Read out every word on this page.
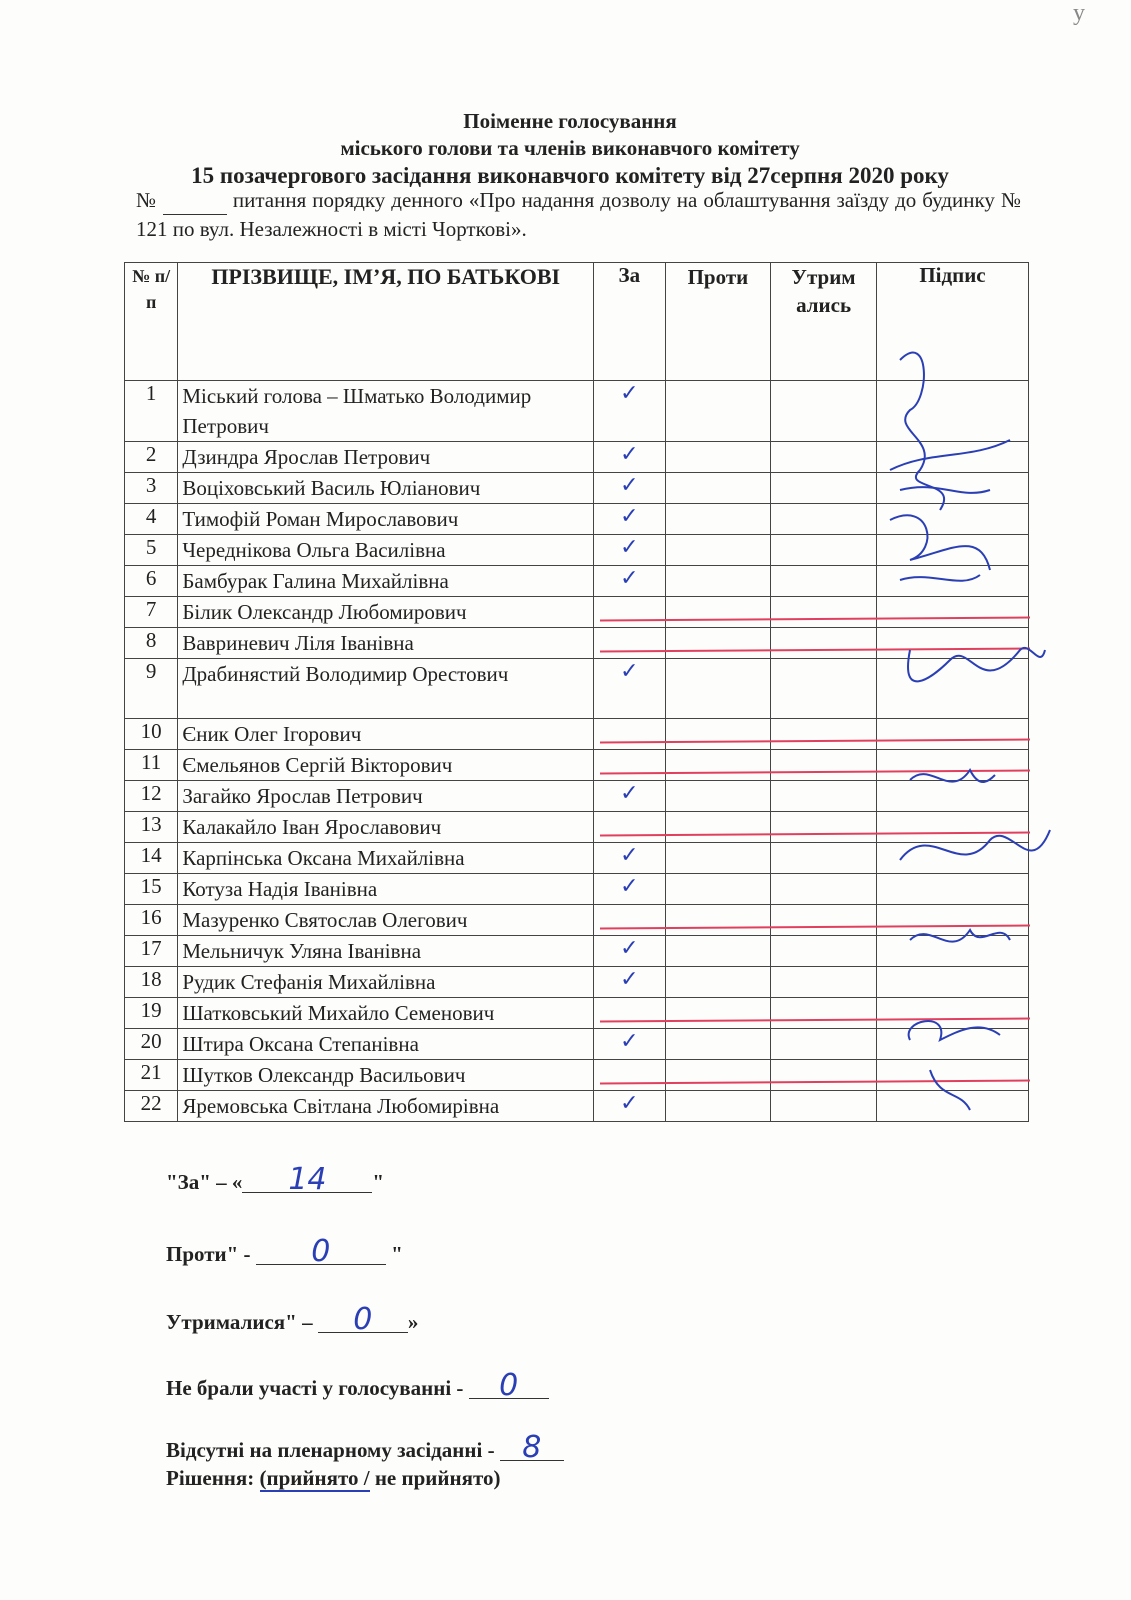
у
Поіменне голосування
міського голови та членів виконавчого комітету
15 позачергового засідання виконавчого комітету від 27серпня 2020 року
№	питання порядку денного «Про надання дозволу на облаштування заїзду до будинку № 121 по вул. Незалежності в місті Чорткові».
№ п/п	ПРІЗВИЩЕ, ІМ’Я, ПО БАТЬКОВІ	За	Проти	Утрим ались	Підпис
1	Міський голова – Шматько Володимир Петрович	✓			
2	Дзиндра Ярослав Петрович	✓			
3	Воціховський Василь Юліанович	✓			
4	Тимофій Роман Мирославович	✓			
5	Череднікова Ольга Василівна	✓			
6	Бамбурак Галина Михайлівна	✓			
7	Білик Олександр Любомирович				
8	Вавриневич Ліля Іванівна				
9	Драбинястий Володимир Орестович	✓			
10	Єник Олег Ігорович				
11	Ємельянов Сергій Вікторович				
12	Загайко Ярослав Петрович	✓			
13	Калакайло Іван Ярославович				
14	Карпінська Оксана Михайлівна	✓			
15	Котуза Надія Іванівна	✓			
16	Мазуренко Святослав Олегович				
17	Мельничук Уляна Іванівна	✓			
18	Рудик Стефанія Михайлівна	✓			
19	Шатковський Михайло Семенович				
20	Штира Оксана Степанівна	✓			
21	Шутков Олександр Васильович				
22	Яремовська Світлана Любомирівна	✓			
"За" – « 14 "
Проти" - 0	"
Утрималися" – 0 »
Не брали участі у голосуванні - 0
Відсутні на пленарному засіданні - 8
Рішення: (прийнято / не прийнято)
